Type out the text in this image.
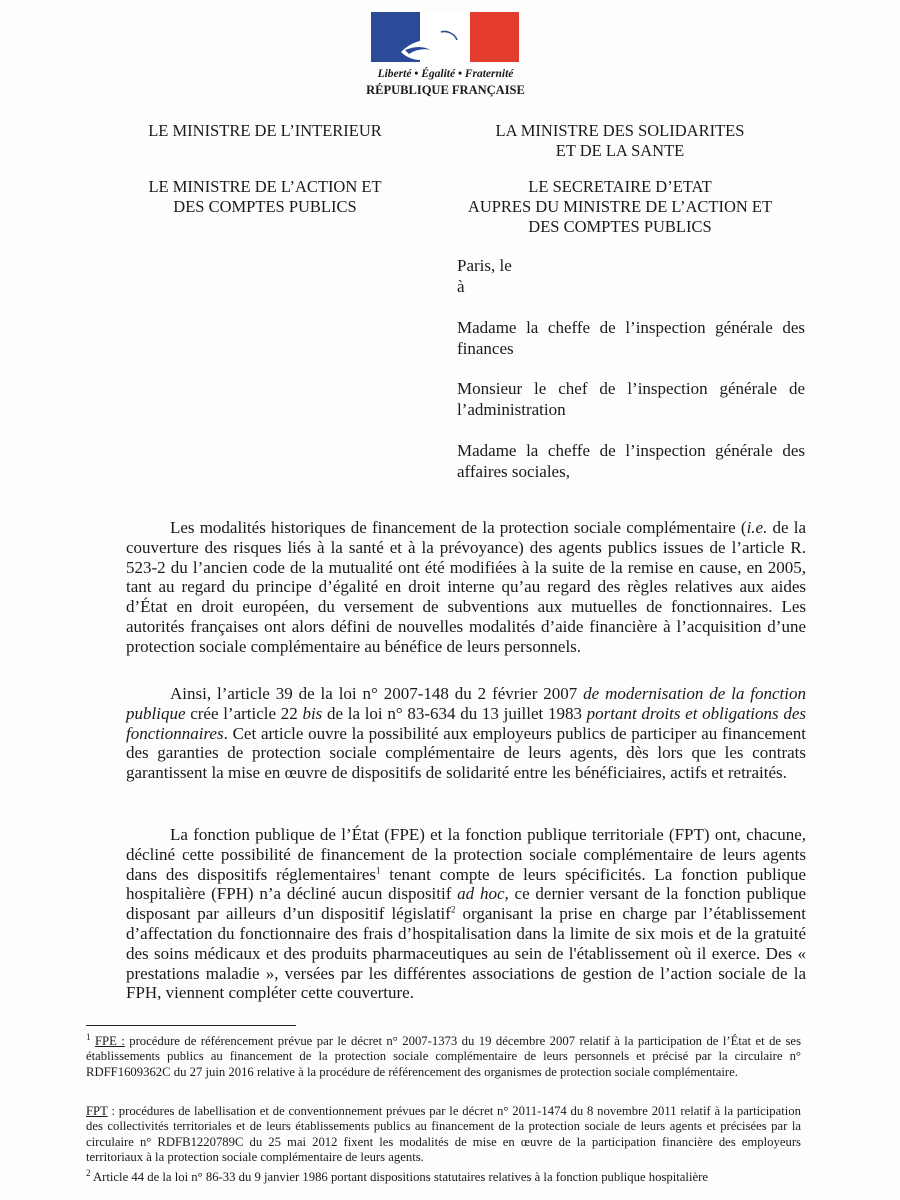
Liberté • Égalité • Fraternité
RÉPUBLIQUE FRANÇAISE
LE MINISTRE DE L’INTERIEUR
LE MINISTRE DE L’ACTION ET
DES COMPTES PUBLICS
LA MINISTRE DES SOLIDARITES
ET DE LA SANTE
LE SECRETAIRE D’ETAT
AUPRES DU MINISTRE DE L’ACTION ET
DES COMPTES PUBLICS
Paris, le
à
Madame la cheffe de l’inspection générale des
finances
Monsieur le chef de l’inspection générale de
l’administration
Madame la cheffe de l’inspection générale des
affaires sociales,

Les modalités historiques de financement de la protection sociale complémentaire (i.e. de la couverture des risques liés à la santé et à la prévoyance) des agents publics issues de l’article R. 523-2 du l’ancien code de la mutualité ont été modifiées à la suite de la remise en cause, en 2005, tant au regard du principe d’égalité en droit interne qu’au regard des règles relatives aux aides d’État en droit européen, du versement de subventions aux mutuelles de fonctionnaires. Les autorités françaises ont alors défini de nouvelles modalités d’aide financière à l’acquisition d’une protection sociale complémentaire au bénéfice de leurs personnels.

Ainsi, l’article 39 de la loi n° 2007-148 du 2 février 2007 de modernisation de la fonction publique crée l’article 22 bis de la loi n° 83-634 du 13 juillet 1983 portant droits et obligations des fonctionnaires. Cet article ouvre la possibilité aux employeurs publics de participer au financement des garanties de protection sociale complémentaire de leurs agents, dès lors que les contrats garantissent la mise en œuvre de dispositifs de solidarité entre les bénéficiaires, actifs et retraités.

La fonction publique de l’État (FPE) et la fonction publique territoriale (FPT) ont, chacune, décliné cette possibilité de financement de la protection sociale complémentaire de leurs agents dans des dispositifs réglementaires$^1$ tenant compte de leurs spécificités. La fonction publique hospitalière (FPH) n’a décliné aucun dispositif ad hoc, ce dernier versant de la fonction publique disposant par ailleurs d’un dispositif législatif$^2$ organisant la prise en charge par l’établissement d’affectation du fonctionnaire des frais d’hospitalisation dans la limite de six mois et de la gratuité des soins médicaux et des produits pharmaceutiques au sein de l'établissement où il exerce. Des « prestations maladie », versées par les différentes associations de gestion de l’action sociale de la FPH, viennent compléter cette couverture.

$^1$ FPE : procédure de référencement prévue par le décret n° 2007-1373 du 19 décembre 2007 relatif à la participation de l’État et de ses établissements publics au financement de la protection sociale complémentaire de leurs personnels et précisé par la circulaire n° RDFF1609362C du 27 juin 2016 relative à la procédure de référencement des organismes de protection sociale complémentaire.

FPT : procédures de labellisation et de conventionnement prévues par le décret n° 2011-1474 du 8 novembre 2011 relatif à la participation des collectivités territoriales et de leurs établissements publics au financement de la protection sociale de leurs agents et précisées par la circulaire n° RDFB1220789C du 25 mai 2012 fixent les modalités de mise en œuvre de la participation financière des employeurs territoriaux à la protection sociale complémentaire de leurs agents.

$^2$ Article 44 de la loi n° 86-33 du 9 janvier 1986 portant dispositions statutaires relatives à la fonction publique hospitalière
